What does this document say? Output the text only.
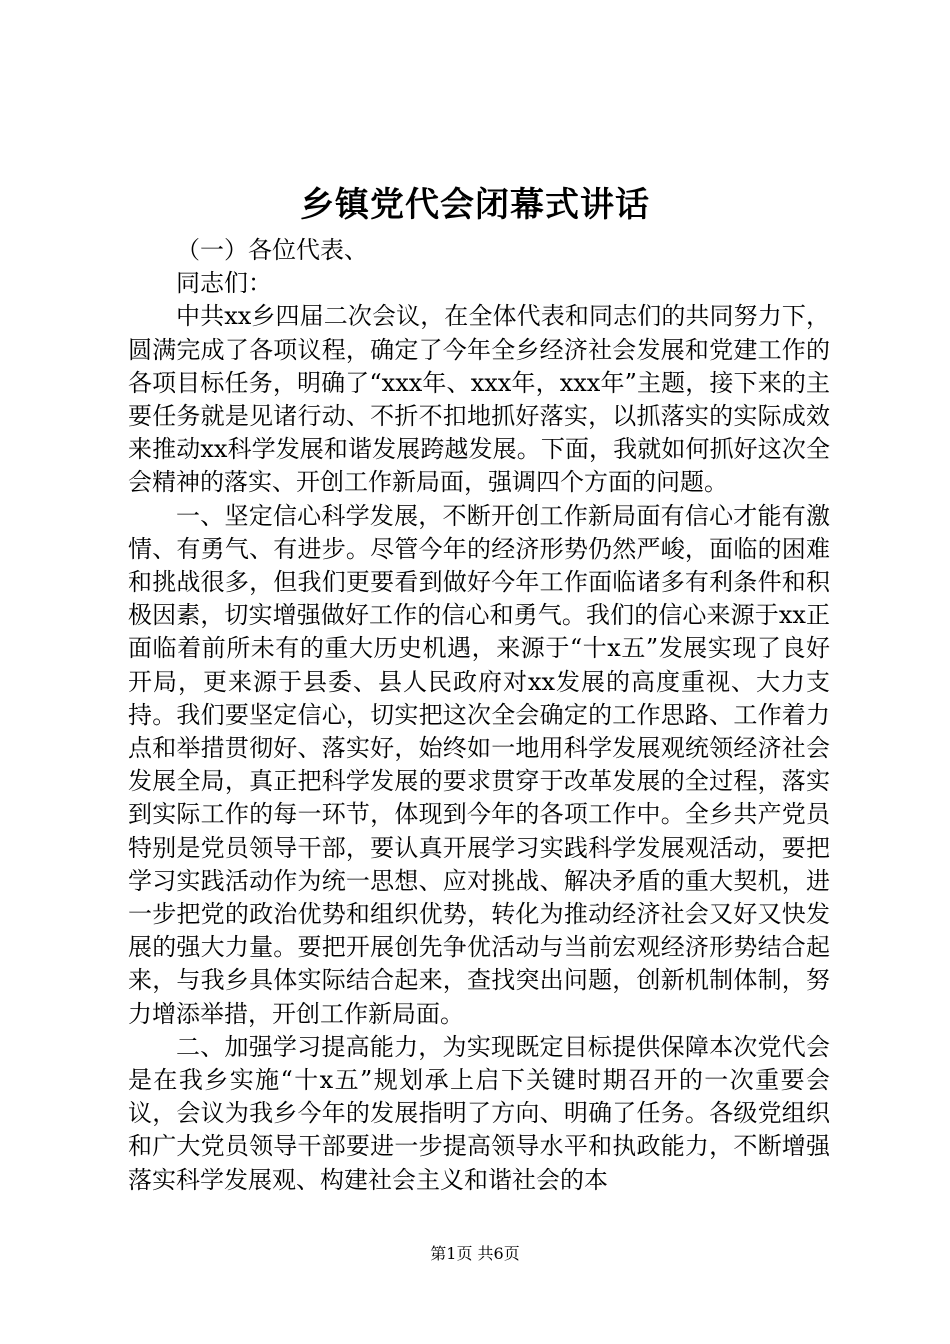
乡镇党代会闭幕式讲话

（一）各位代表、

同志们：

中共xx乡四届二次会议，在全体代表和同志们的共同努力下，圆满完成了各项议程，确定了今年全乡经济社会发展和党建工作的各项目标任务，明确了“xxx年、xxx年，xxx年”主题，接下来的主要任务就是见诸行动、不折不扣地抓好落实，以抓落实的实际成效来推动xx科学发展和谐发展跨越发展。下面，我就如何抓好这次全会精神的落实、开创工作新局面，强调四个方面的问题。

一、坚定信心科学发展，不断开创工作新局面有信心才能有激情、有勇气、有进步。尽管今年的经济形势仍然严峻，面临的困难和挑战很多，但我们更要看到做好今年工作面临诸多有利条件和积极因素，切实增强做好工作的信心和勇气。我们的信心来源于xx正面临着前所未有的重大历史机遇，来源于“十x五”发展实现了良好开局，更来源于县委、县人民政府对xx发展的高度重视、大力支持。我们要坚定信心，切实把这次全会确定的工作思路、工作着力点和举措贯彻好、落实好，始终如一地用科学发展观统领经济社会发展全局，真正把科学发展的要求贯穿于改革发展的全过程，落实到实际工作的每一环节，体现到今年的各项工作中。全乡共产党员特别是党员领导干部，要认真开展学习实践科学发展观活动，要把学习实践活动作为统一思想、应对挑战、解决矛盾的重大契机，进一步把党的政治优势和组织优势，转化为推动经济社会又好又快发展的强大力量。要把开展创先争优活动与当前宏观经济形势结合起来，与我乡具体实际结合起来，查找突出问题，创新机制体制，努力增添举措，开创工作新局面。

二、加强学习提高能力，为实现既定目标提供保障本次党代会是在我乡实施“十x五”规划承上启下关键时期召开的一次重要会议，会议为我乡今年的发展指明了方向、明确了任务。各级党组织和广大党员领导干部要进一步提高领导水平和执政能力，不断增强落实科学发展观、构建社会主义和谐社会的本

第1页 共6页
